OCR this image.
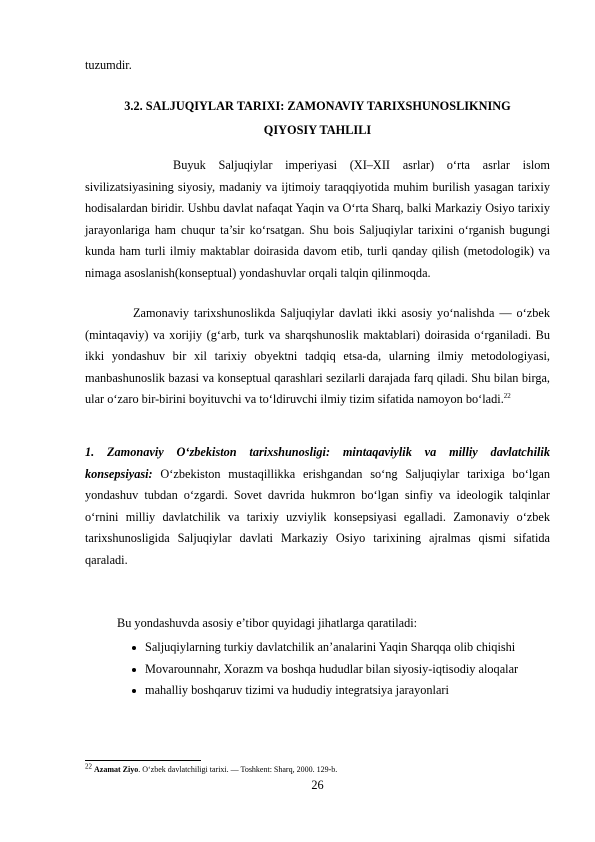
tuzumdir.

3.2. SALJUQIYLAR TARIXI: ZAMONAVIY TARIXSHUNOSLIKNING
QIYOSIY TAHLILI

Buyuk Saljuqiylar imperiyasi (XI–XII asrlar) o‘rta asrlar islom sivilizatsiyasining siyosiy, madaniy va ijtimoiy taraqqiyotida muhim burilish yasagan tarixiy hodisalardan biridir. Ushbu davlat nafaqat Yaqin va O‘rta Sharq, balki Markaziy Osiyo tarixiy jarayonlariga ham chuqur ta’sir ko‘rsatgan. Shu bois Saljuqiylar tarixini o‘rganish bugungi kunda ham turli ilmiy maktablar doirasida davom etib, turli qanday qilish (metodologik) va nimaga asoslanish(konseptual) yondashuvlar orqali talqin qilinmoqda.

Zamonaviy tarixshunoslikda Saljuqiylar davlati ikki asosiy yo‘nalishda — o‘zbek (mintaqaviy) va xorijiy (g‘arb, turk va sharqshunoslik maktablari) doirasida o‘rganiladi. Bu ikki yondashuv bir xil tarixiy obyektni tadqiq etsa-da, ularning ilmiy metodologiyasi, manbashunoslik bazasi va konseptual qarashlari sezilarli darajada farq qiladi. Shu bilan birga, ular o‘zaro bir-birini boyituvchi va to‘ldiruvchi ilmiy tizim sifatida namoyon bo‘ladi.$^{22}$

1. Zamonaviy O‘zbekiston tarixshunosligi: mintaqaviylik va milliy davlatchilik konsepsiyasi: O‘zbekiston mustaqillikka erishgandan so‘ng Saljuqiylar tarixiga bo‘lgan yondashuv tubdan o‘zgardi. Sovet davrida hukmron bo‘lgan sinfiy va ideologik talqinlar o‘rnini milliy davlatchilik va tarixiy uzviylik konsepsiyasi egalladi. Zamonaviy o‘zbek tarixshunosligida Saljuqiylar davlati Markaziy Osiyo tarixining ajralmas qismi sifatida qaraladi.

Bu yondashuvda asosiy e’tibor quyidagi jihatlarga qaratiladi:

Saljuqiylarning turkiy davlatchilik an’analarini Yaqin Sharqqa olib chiqishi
Movarounnahr, Xorazm va boshqa hududlar bilan siyosiy-iqtisodiy aloqalar
mahalliy boshqaruv tizimi va hududiy integratsiya jarayonlari
$^{22}$ Azamat Ziyo. O‘zbek davlatchiligi tarixi. — Toshkent: Sharq, 2000. 129-b.
26
